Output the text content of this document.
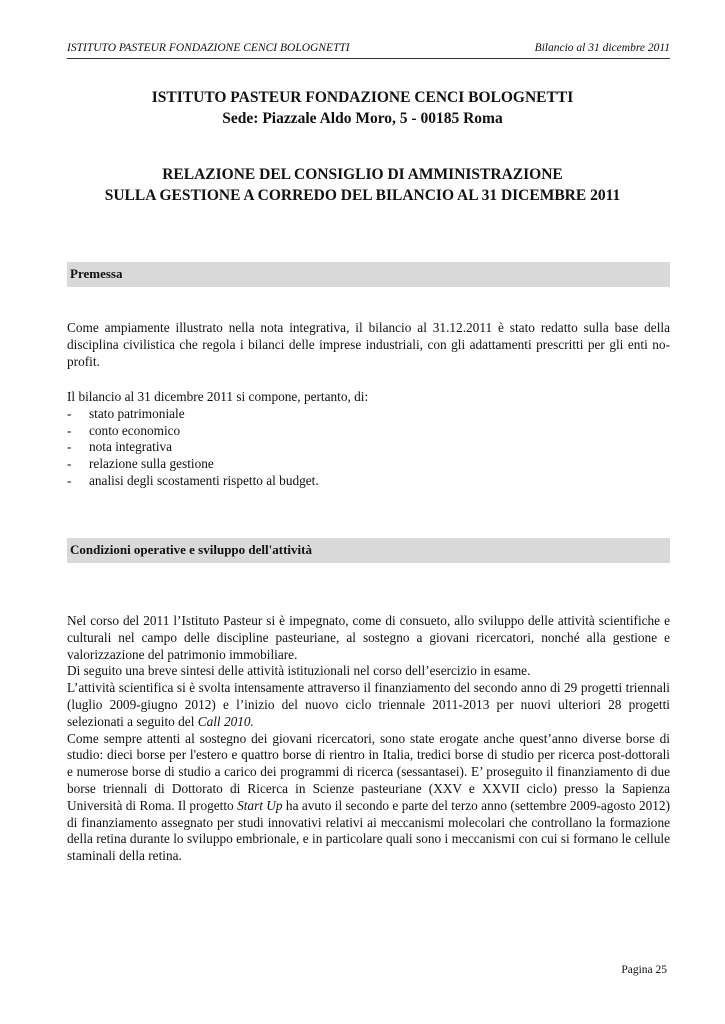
ISTITUTO PASTEUR FONDAZIONE CENCI BOLOGNETTI	Bilancio al 31 dicembre 2011
ISTITUTO PASTEUR FONDAZIONE CENCI BOLOGNETTI
Sede: Piazzale Aldo Moro, 5 - 00185 Roma
RELAZIONE DEL CONSIGLIO DI AMMINISTRAZIONE
SULLA GESTIONE A CORREDO DEL BILANCIO AL 31 DICEMBRE 2011
Premessa

Come ampiamente illustrato nella nota integrativa, il bilancio al 31.12.2011 è stato redatto sulla base della disciplina civilistica che regola i bilanci delle imprese industriali, con gli adattamenti prescritti per gli enti no-profit.

Il bilancio al 31 dicembre 2011 si compone, pertanto, di:

-	stato patrimoniale
-	conto economico
-	nota integrativa
-	relazione sulla gestione
-	analisi degli scostamenti rispetto al budget.
Condizioni operative e sviluppo dell'attività

Nel corso del 2011 l’Istituto Pasteur si è impegnato, come di consueto, allo sviluppo delle attività scientifiche e culturali nel campo delle discipline pasteuriane, al sostegno a giovani ricercatori, nonché alla gestione e valorizzazione del patrimonio immobiliare.

Di seguito una breve sintesi delle attività istituzionali nel corso dell’esercizio in esame.

L’attività scientifica si è svolta intensamente attraverso il finanziamento del secondo anno di 29 progetti triennali (luglio 2009-giugno 2012) e l’inizio del nuovo ciclo triennale 2011-2013 per nuovi ulteriori 28 progetti selezionati a seguito del Call 2010.

Come sempre attenti al sostegno dei giovani ricercatori, sono state erogate anche quest’anno diverse borse di studio: dieci borse per l'estero e quattro borse di rientro in Italia, tredici borse di studio per ricerca post-dottorali e numerose borse di studio a carico dei programmi di ricerca (sessantasei). E’ proseguito il finanziamento di due borse triennali di Dottorato di Ricerca in Scienze pasteuriane (XXV e XXVII ciclo) presso la Sapienza Università di Roma. Il progetto Start Up ha avuto il secondo e parte del terzo anno (settembre 2009-agosto 2012) di finanziamento assegnato per studi innovativi relativi ai meccanismi molecolari che controllano la formazione della retina durante lo sviluppo embrionale, e in particolare quali sono i meccanismi con cui si formano le cellule staminali della retina.

Pagina 25
